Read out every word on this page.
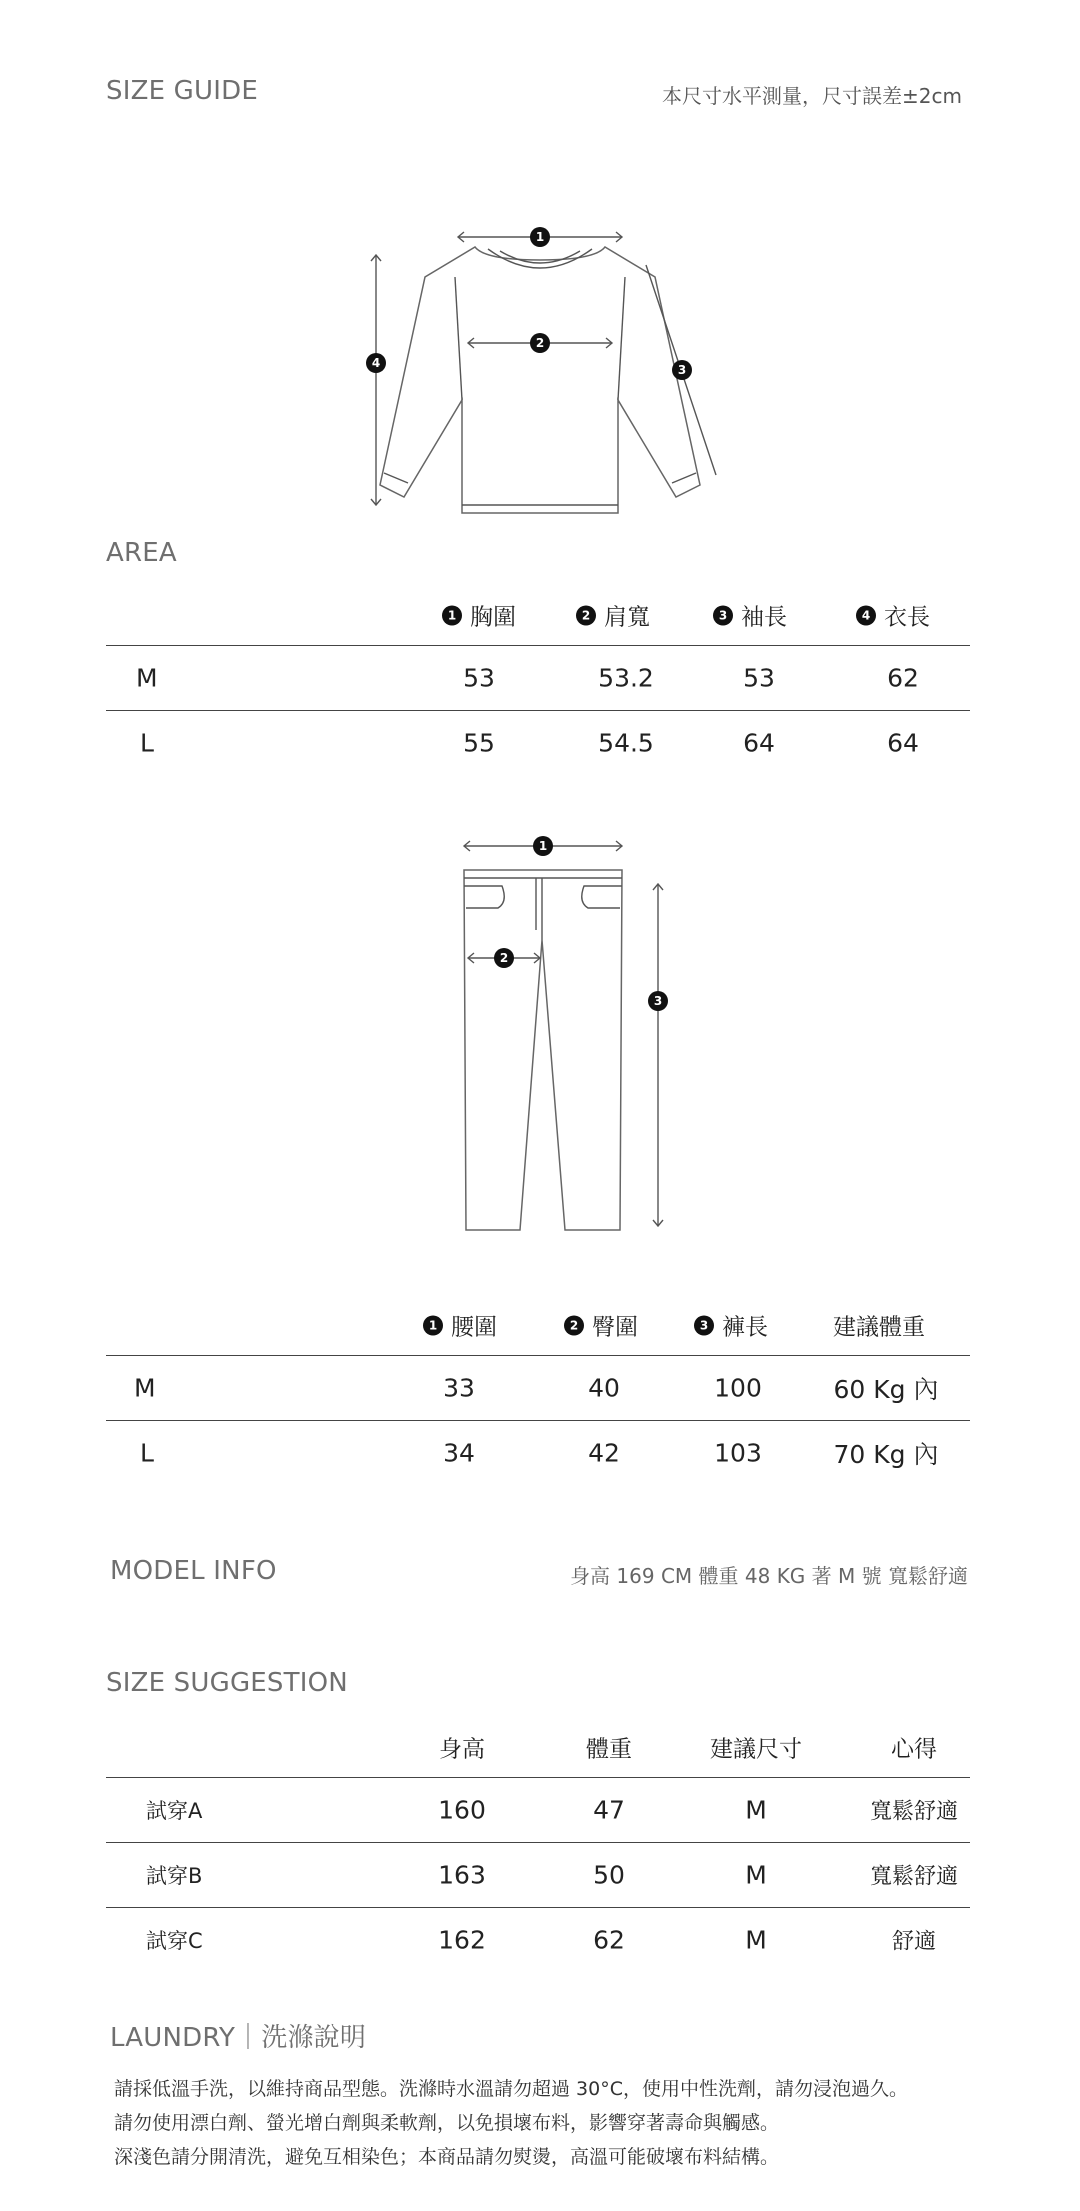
SIZE GUIDE	本尺寸水平測量，尺寸誤差±2cm
1
2
3
4
AREA
1 胸圍	2 肩寬	3 袖長	4 衣長
M	53	53.2	53	62
L	55	54.5	64	64
1
2
3
1 腰圍	2 臀圍	3 褲長	建議體重
M	33	40	100	60 Kg 內
L	34	42	103	70 Kg 內
MODEL INFO	身高 169 CM 體重 48 KG 著 M 號 寬鬆舒適
SIZE SUGGESTION
身高	體重	建議尺寸	心得
試穿A	160	47	M	寬鬆舒適
試穿B	163	50	M	寬鬆舒適
試穿C	162	62	M	舒適
LAUNDRY｜洗滌說明

請採低溫手洗，以維持商品型態。洗滌時水溫請勿超過 30°C，使用中性洗劑，請勿浸泡過久。

請勿使用漂白劑、螢光增白劑與柔軟劑，以免損壞布料，影響穿著壽命與觸感。

深淺色請分開清洗，避免互相染色；本商品請勿熨燙，高溫可能破壞布料結構。
